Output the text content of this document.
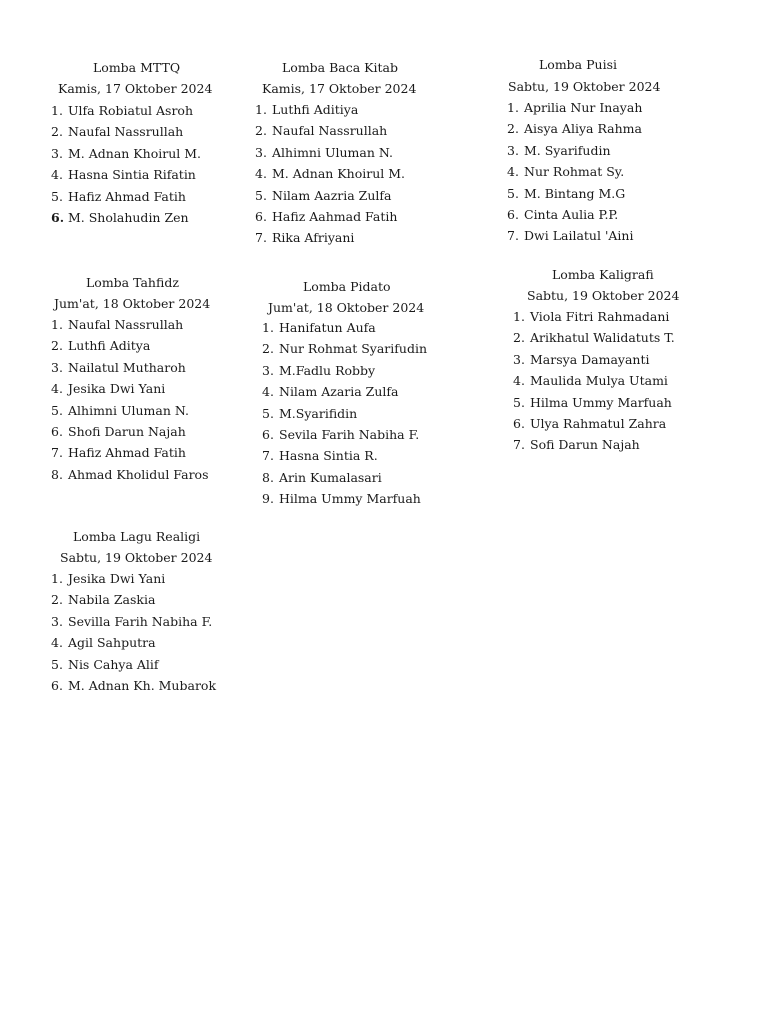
Lomba MTTQ
Kamis, 17 Oktober 2024
1. Ulfa Robiatul Asroh
2. Naufal Nassrullah
3. M. Adnan Khoirul M.
4. Hasna Sintia Rifatin
5. Hafiz Ahmad Fatih
6. M. Sholahudin Zen
Lomba Baca Kitab
Kamis, 17 Oktober 2024
1. Luthfi Aditiya
2. Naufal Nassrullah
3. Alhimni Uluman N.
4. M. Adnan Khoirul M.
5. Nilam Aazria Zulfa
6. Hafiz Aahmad Fatih
7. Rika Afriyani
Lomba Puisi
Sabtu, 19 Oktober 2024
1. Aprilia Nur Inayah
2. Aisya Aliya Rahma
3. M. Syarifudin
4. Nur Rohmat Sy.
5. M. Bintang M.G
6. Cinta Aulia P.P.
7. Dwi Lailatul 'Aini
Lomba Tahfidz
Jum'at, 18 Oktober 2024
1. Naufal Nassrullah
2. Luthfi Aditya
3. Nailatul Mutharoh
4. Jesika Dwi Yani
5. Alhimni Uluman N.
6. Shofi Darun Najah
7. Hafiz Ahmad Fatih
8. Ahmad Kholidul Faros
Lomba Pidato
Jum'at, 18 Oktober 2024
1. Hanifatun Aufa
2. Nur Rohmat Syarifudin
3. M.Fadlu Robby
4. Nilam Azaria Zulfa
5. M.Syarifidin
6. Sevila Farih Nabiha F.
7. Hasna Sintia R.
8. Arin Kumalasari
9. Hilma Ummy Marfuah
Lomba Kaligrafi
Sabtu, 19 Oktober 2024
1. Viola Fitri Rahmadani
2. Arikhatul Walidatuts T.
3. Marsya Damayanti
4. Maulida Mulya Utami
5. Hilma Ummy Marfuah
6. Ulya Rahmatul Zahra
7. Sofi Darun Najah
Lomba Lagu Realigi
Sabtu, 19 Oktober 2024
1. Jesika Dwi Yani
2. Nabila Zaskia
3. Sevilla Farih Nabiha F.
4. Agil Sahputra
5. Nis Cahya Alif
6. M. Adnan Kh. Mubarok
